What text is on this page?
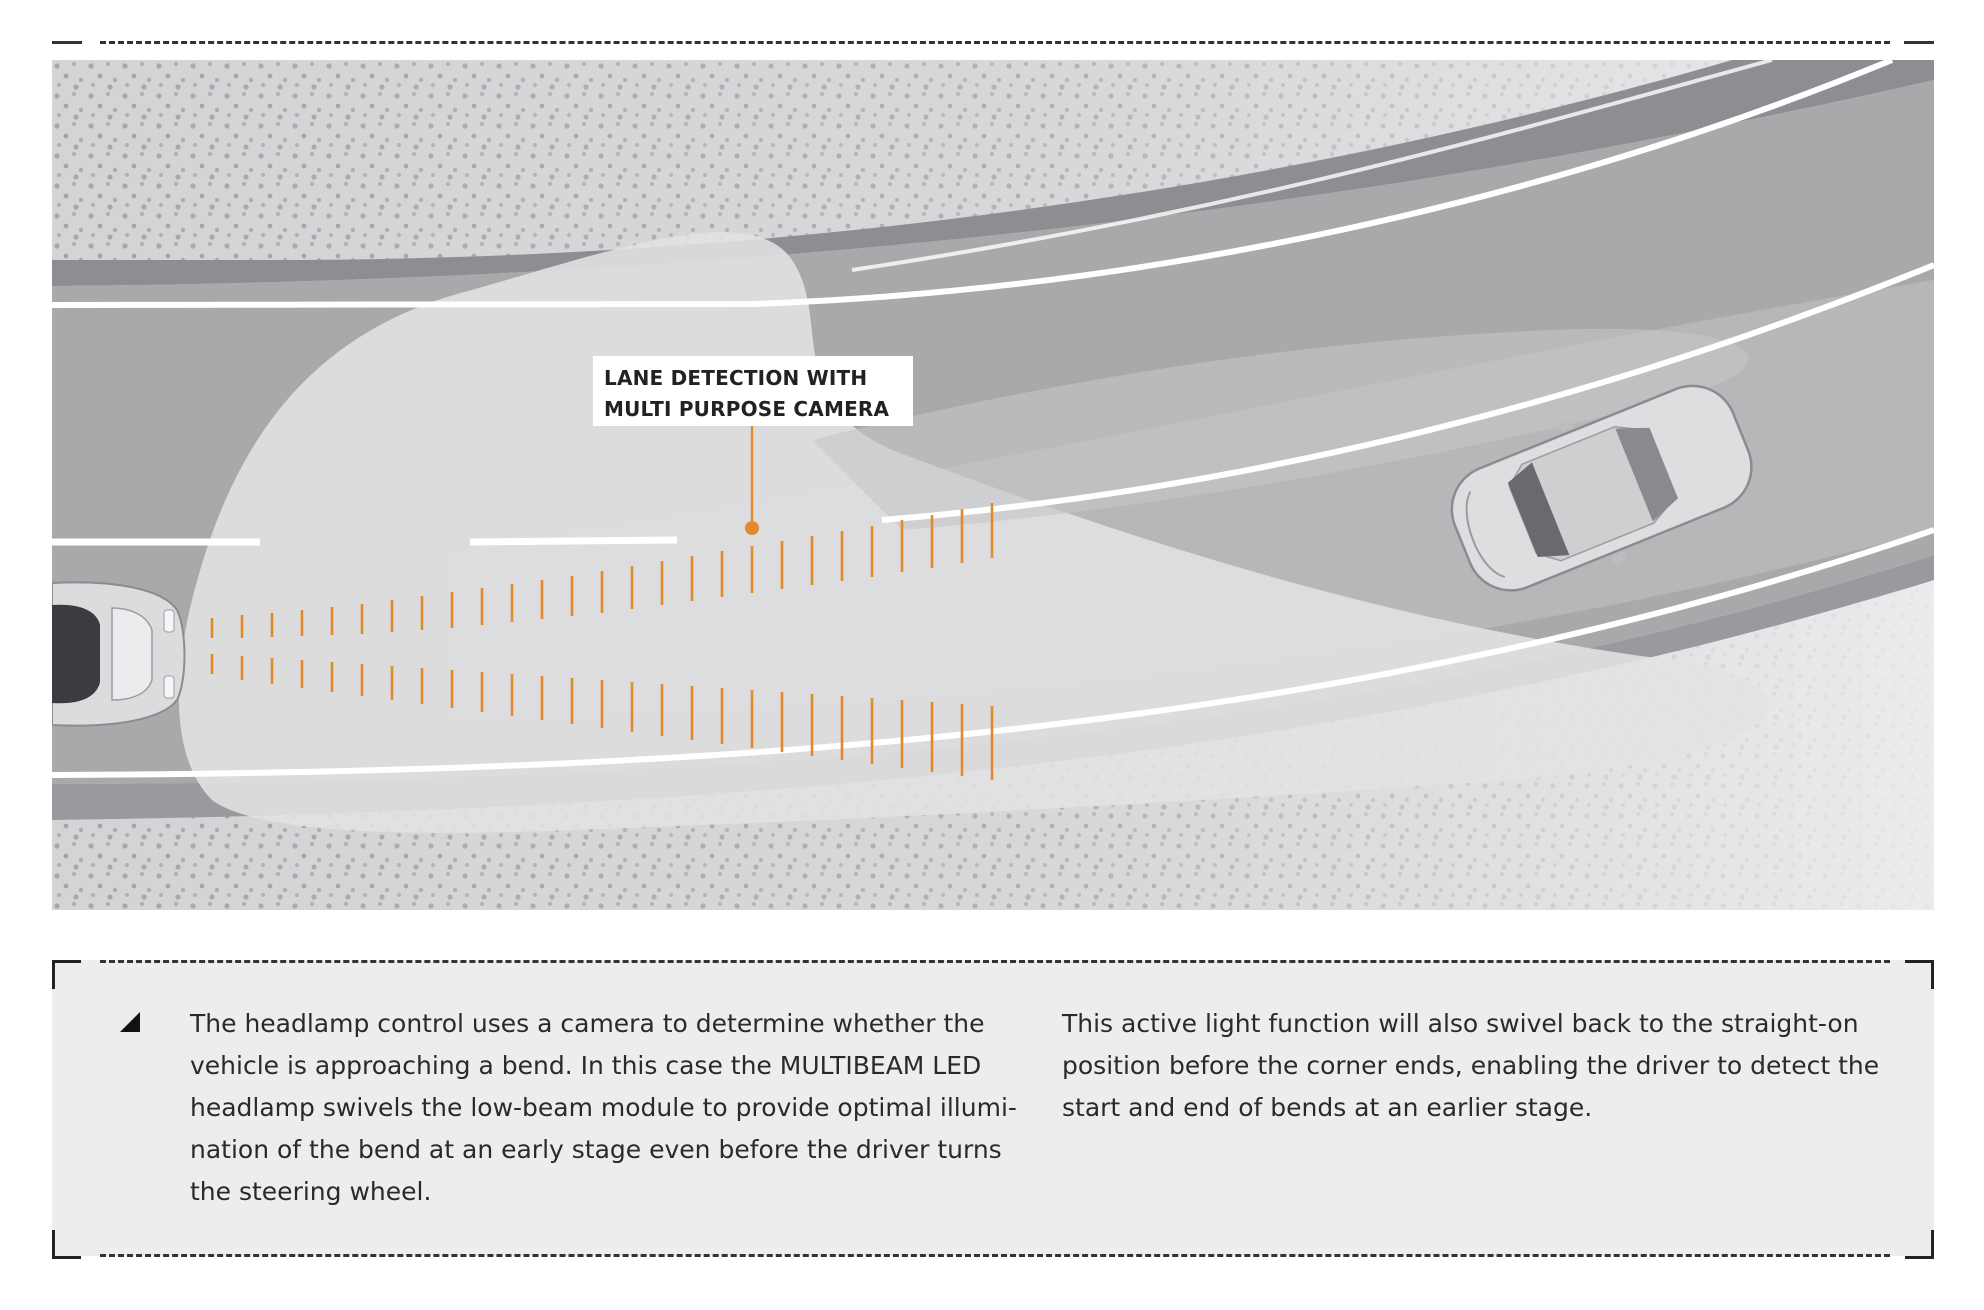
LANE DETECTION WITH
MULTI PURPOSE CAMERA
The headlamp control uses a camera to determine whether the
vehicle is approaching a bend. In this case the MULTIBEAM LED
headlamp swivels the low-beam module to provide optimal illumi-
nation of the bend at an early stage even before the driver turns
the steering wheel.
This active light function will also swivel back to the straight-on
position before the corner ends, enabling the driver to detect the
start and end of bends at an earlier stage.
